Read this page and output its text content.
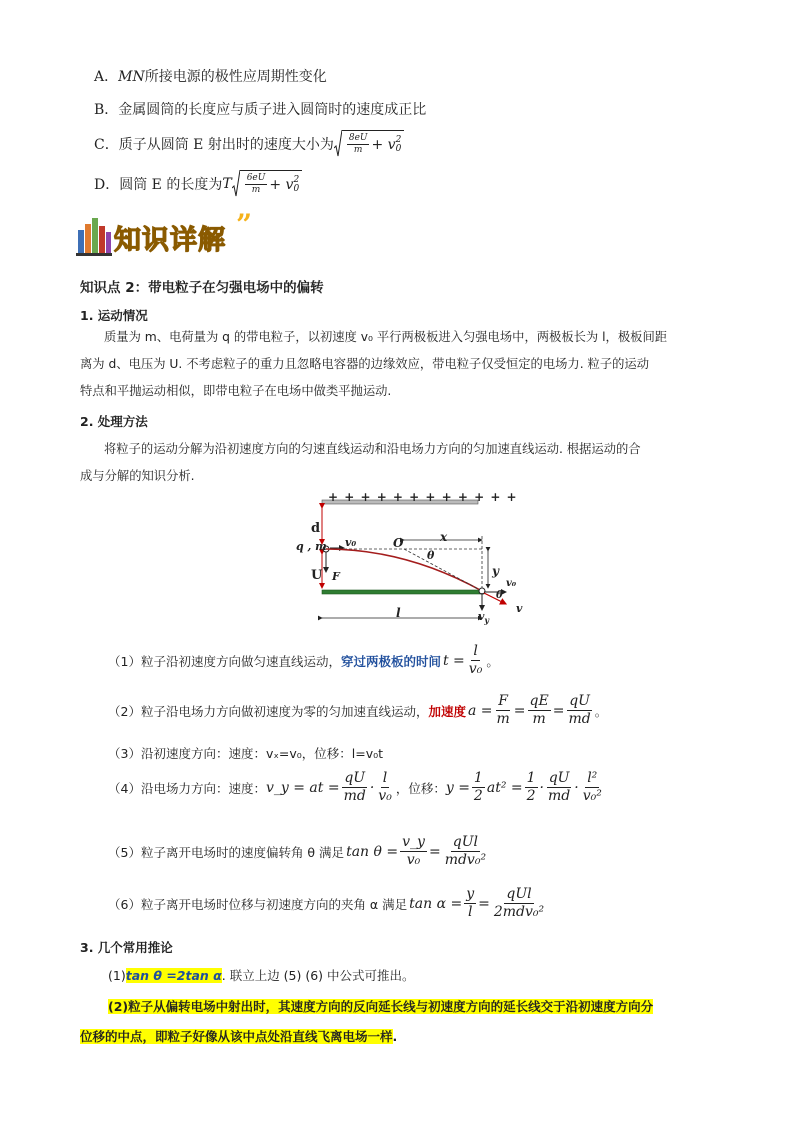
A．MN所接电源的极性应周期性变化
B．金属圆筒的长度应与质子进入圆筒时的速度成正比
C．质子从圆筒 E 射出时的速度大小为 $\frac{8eU}{m} + v$ 2
0
D．圆筒 E 的长度为 T $\frac{6eU}{m} + v$ 2
0
知识详解 ”
知识点 2：带电粒子在匀强电场中的偏转
1. 运动情况
质量为 m、电荷量为 q 的带电粒子，以初速度 v₀ 平行两极板进入匀强电场中，两极板长为 l，极板间距
离为 d、电压为 U. 不考虑粒子的重力且忽略电容器的边缘效应，带电粒子仅受恒定的电场力. 粒子的运动
特点和平抛运动相似，即带电粒子在电场中做类平抛运动.
2. 处理方法
将粒子的运动分解为沿初速度方向的匀速直线运动和沿电场力方向的匀加速直线运动. 根据运动的合
成与分解的知识分析.
d
+ + + + + + + + + + + +
q , m v₀	O	x
θ
U F	y
v₀
θ
v
$v_y$
l
（1）粒子沿初速度方向做匀速直线运动， 穿过两极板的时间 $t = \frac{l}{\text{v₀}}$ 。
（2）粒子沿电场力方向做初速度为零的匀加速直线运动， 加速度 $a = \frac{F}{m} = \frac{qE}{m} = \frac{qU}{md}$ 。
（3）沿初速度方向：速度：vₓ=v₀，位移：l=v₀t
（4）沿电场力方向：速度： v_y = at = $\frac{qU}{md} \cdot \frac{l}{\text{v₀}}$ ，位移： $y = \frac{1}{2} at^2 = \frac{1}{2} \cdot \frac{qU}{md} \cdot \frac{\text{l²}}{\text{v₀²}}$
（5）粒子离开电场时的速度偏转角 θ 满足 $\tan \theta = \frac{v\_y}{\text{v₀}} = \frac{\text{qUl}}{\text{mdv₀²}}$
（6）粒子离开电场时位移与初速度方向的夹角 α 满足 $\tan \alpha = \frac{y}{l} = \frac{\text{qUl}}{\text{2mdv₀²}}$
3. 几个常用推论
(1)tan θ =2tan α. 联立上边 (5) (6) 中公式可推出。
(2)粒子从偏转电场中射出时，其速度方向的反向延长线与初速度方向的延长线交于沿初速度方向分
位移的中点，即粒子好像从该中点处沿直线飞离电场一样.
